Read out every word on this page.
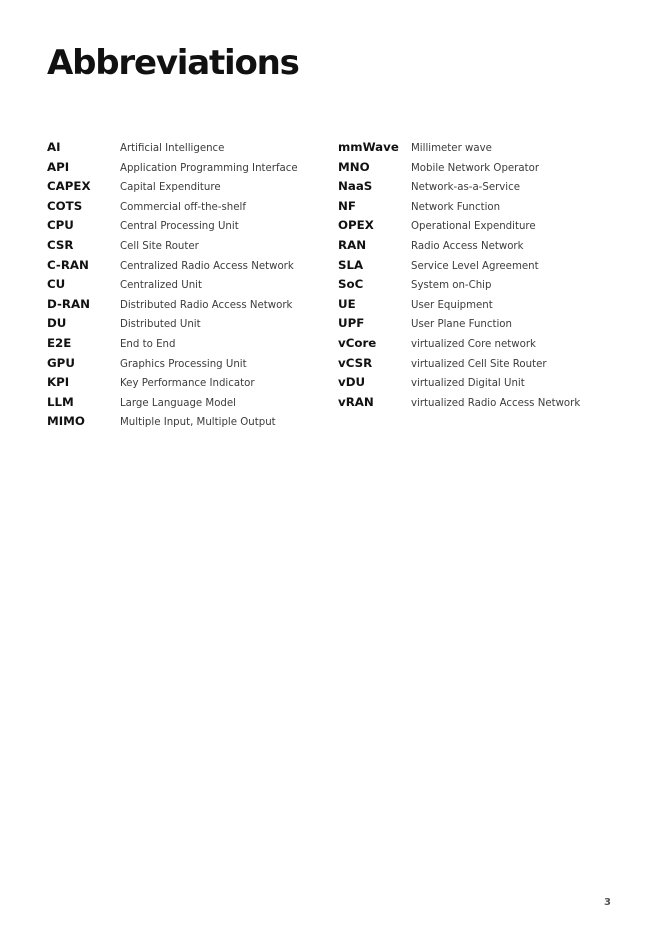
Abbreviations
AI	Artificial Intelligence
API	Application Programming Interface
CAPEX	Capital Expenditure
COTS	Commercial off-the-shelf
CPU	Central Processing Unit
CSR	Cell Site Router
C-RAN	Centralized Radio Access Network
CU	Centralized Unit
D-RAN	Distributed Radio Access Network
DU	Distributed Unit
E2E	End to End
GPU	Graphics Processing Unit
KPI	Key Performance Indicator
LLM	Large Language Model
MIMO	Multiple Input, Multiple Output
mmWave	Millimeter wave
MNO	Mobile Network Operator
NaaS	Network-as-a-Service
NF	Network Function
OPEX	Operational Expenditure
RAN	Radio Access Network
SLA	Service Level Agreement
SoC	System on-Chip
UE	User Equipment
UPF	User Plane Function
vCore	virtualized Core network
vCSR	virtualized Cell Site Router
vDU	virtualized Digital Unit
vRAN	virtualized Radio Access Network
3
